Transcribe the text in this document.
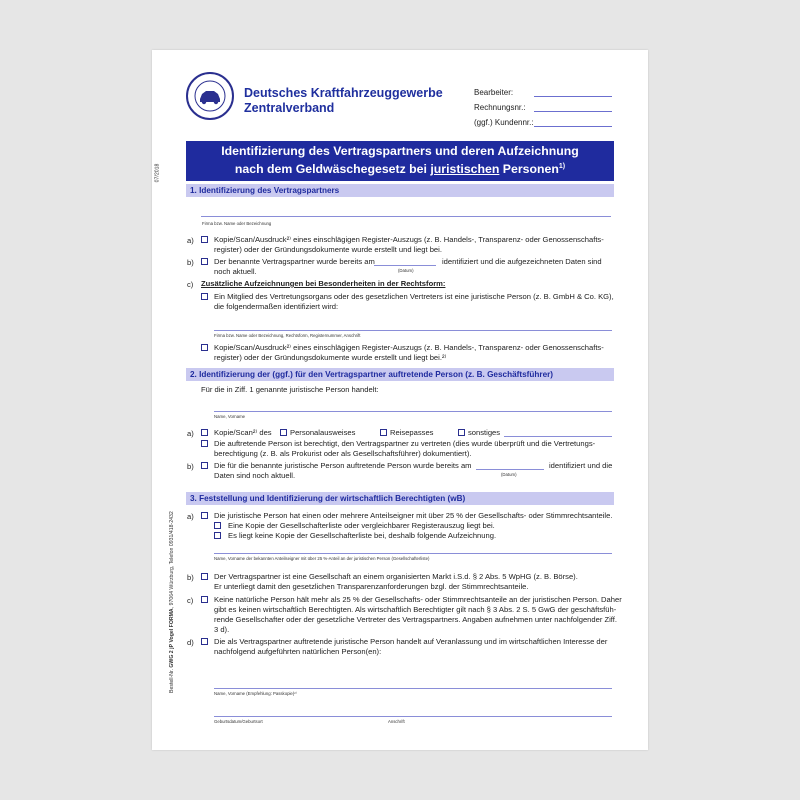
Deutsches Kraftfahrzeuggewerbe
Zentralverband
Bearbeiter:
Rechnungsnr.:
(ggf.) Kundennr.:
Identifizierung des Vertragspartners und deren Aufzeichnung
nach dem Geldwäschegesetz bei juristischen Personen$^{1)}$
1. Identifizierung des Vertragspartners
Firma bzw. Name oder Bezeichnung
a)	Kopie/Scan/Ausdruck²⁾ eines einschlägigen Register-Auszugs (z. B. Handels-, Transparenz- oder Genossenschafts-
register) oder der Gründungsdokumente wurde erstellt und liegt bei.
b)	Der benannte Vertragspartner wurde bereits am	identifiziert und die aufgezeichneten Daten sind
(Datum)
noch aktuell.
c) Zusätzliche Aufzeichnungen bei Besonderheiten in der Rechtsform:
Ein Mitglied des Vertretungsorgans oder des gesetzlichen Vertreters ist eine juristische Person (z. B. GmbH & Co. KG),
die folgendermaßen identifiziert wird:
Firma bzw. Name oder Bezeichnung, Rechtsform, Registernummer, Anschrift
Kopie/Scan/Ausdruck²⁾ eines einschlägigen Register-Auszugs (z. B. Handels-, Transparenz- oder Genossenschafts-
register) oder der Gründungsdokumente wurde erstellt und liegt bei.²⁾
2. Identifizierung der (ggf.) für den Vertragspartner auftretende Person (z. B. Geschäftsführer)
Für die in Ziff. 1 genannte juristische Person handelt:
Name, Vorname
a)	Kopie/Scan²⁾ des Personalausweises	Reisepasses	sonstiges
Die auftretende Person ist berechtigt, den Vertragspartner zu vertreten (dies wurde überprüft und die Vertretungs-
berechtigung (z. B. als Prokurist oder als Gesellschaftsführer) dokumentiert).
b)	Die für die benannte juristische Person auftretende Person wurde bereits am	identifiziert und die
(Datum)
Daten sind noch aktuell.
3. Feststellung und Identifizierung der wirtschaftlich Berechtigten (wB)
a)	Die juristische Person hat einen oder mehrere Anteilseigner mit über 25 % der Gesellschafts- oder Stimmrechtsanteile.
Eine Kopie der Gesellschafterliste oder vergleichbarer Registerauszug liegt bei.
Es liegt keine Kopie der Gesellschafterliste bei, deshalb folgende Aufzeichnung.
Name, Vorname der bekannten Anteilseigner mit über 25 %-Anteil an der juristischen Person (Gesellschafterliste)
b)	Der Vertragspartner ist eine Gesellschaft an einem organisierten Markt i.S.d. § 2 Abs. 5 WpHG (z. B. Börse).
Er unterliegt damit den gesetzlichen Transparenzanforderungen bzgl. der Stimmrechtsanteile.
c)	Keine natürliche Person hält mehr als 25 % der Gesellschafts- oder Stimmrechtsanteile an der juristischen Person. Daher
gibt es keinen wirtschaftlich Berechtigten. Als wirtschaftlich Berechtigter gilt nach § 3 Abs. 2 S. 5 GwG der geschäftsfüh-
rende Gesellschafter oder der gesetzliche Vertreter des Vertragspartners. Angaben aufnehmen unter nachfolgender Ziff.
3 d).
d)	Die als Vertragspartner auftretende juristische Person handelt auf Veranlassung und im wirtschaftlichen Interesse der
nachfolgend aufgeführten natürlichen Person(en):
Name, Vorname (Empfehlung: Passkopie)²⁾
Geburtsdatum/Geburtsort	Anschrift
Bestell-Nr. GWG 2 jP Vogel FORMA, 97064 Würzburg, Telefon 0931/418-2432
07/2018
